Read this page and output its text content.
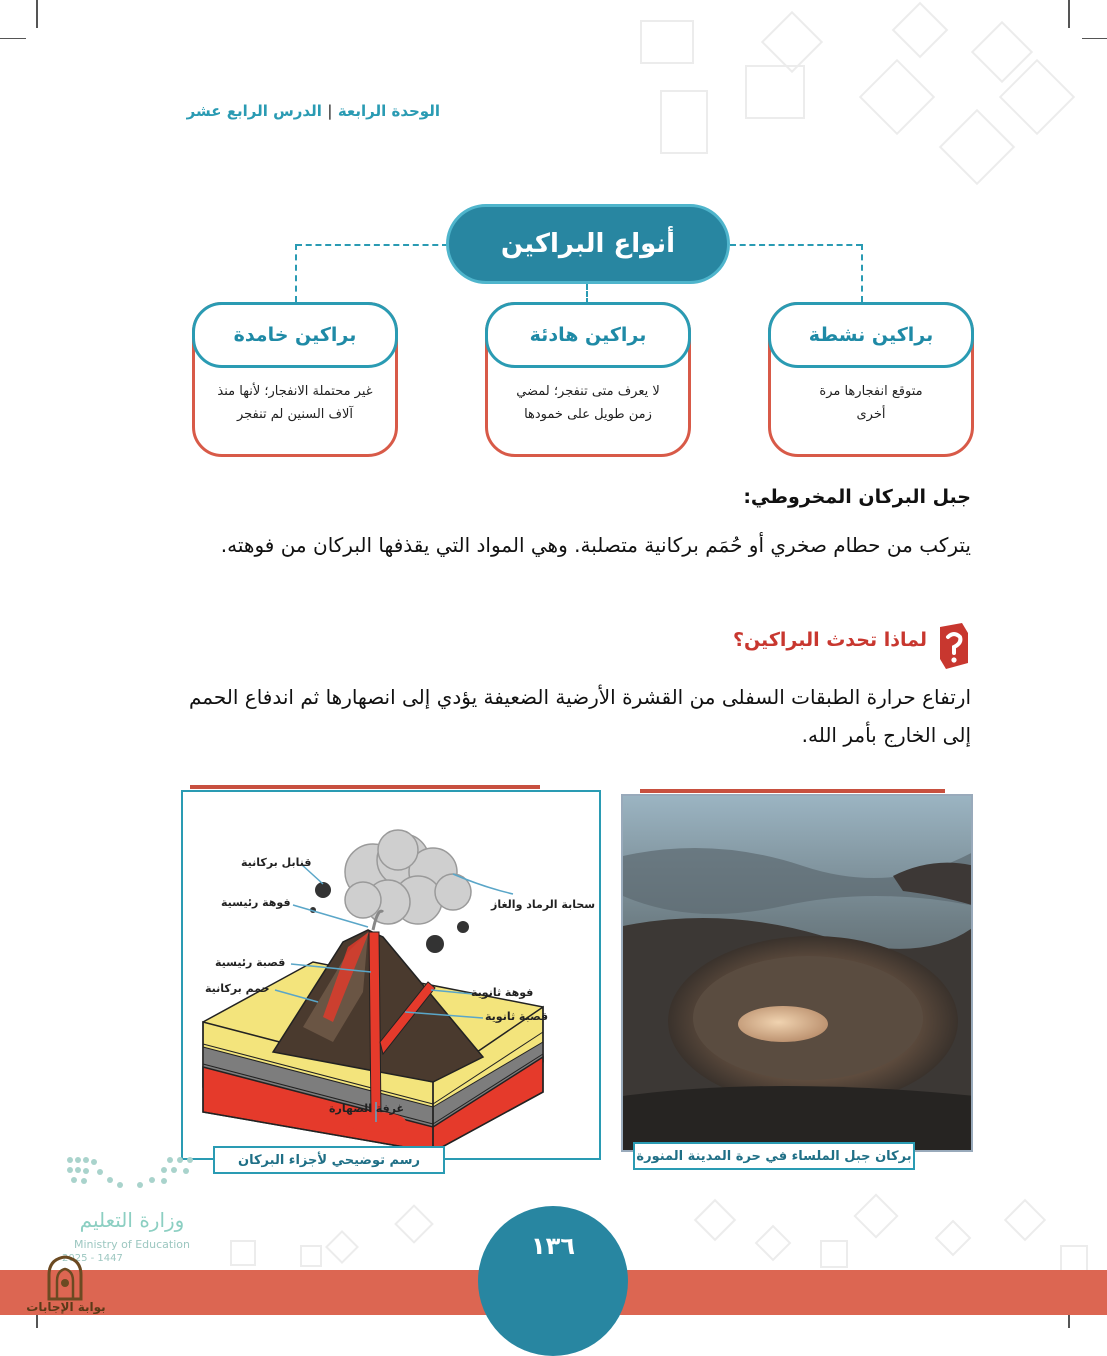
الوحدة الرابعة | الدرس الرابع عشر
أنواع البراكين
براكين نشطة
متوقع انفجارها مرة أخرى
براكين هادئة
لا يعرف متى تنفجر؛ لمضي زمن طويل على خمودها
براكين خامدة
غير محتملة الانفجار؛ لأنها منذ آلاف السنين لم تنفجر
جبل البركان المخروطي:
يتركب من حطام صخري أو حُمَم بركانية متصلبة. وهي المواد التي يقذفها البركان من فوهته.
لماذا تحدث البراكين؟
ارتفاع حرارة الطبقات السفلى من القشرة الأرضية الضعيفة يؤدي إلى انصهارها ثم اندفاع الحمم إلى الخارج بأمر الله.
قنابل بركانية
فوهة رئيسية
قصبة رئيسية
حمم بركانية
سحابة الرماد والغاز
فوهة ثانوية
قصبة ثانوية
غرفة الصهارة
رسم توضيحي لأجزاء البركان	بركان جبل الملساء في حرة المدينة المنورة
وزارة التعليم
Ministry of Education
2025 - 1447	١٣٦
بوابة الإجابات
